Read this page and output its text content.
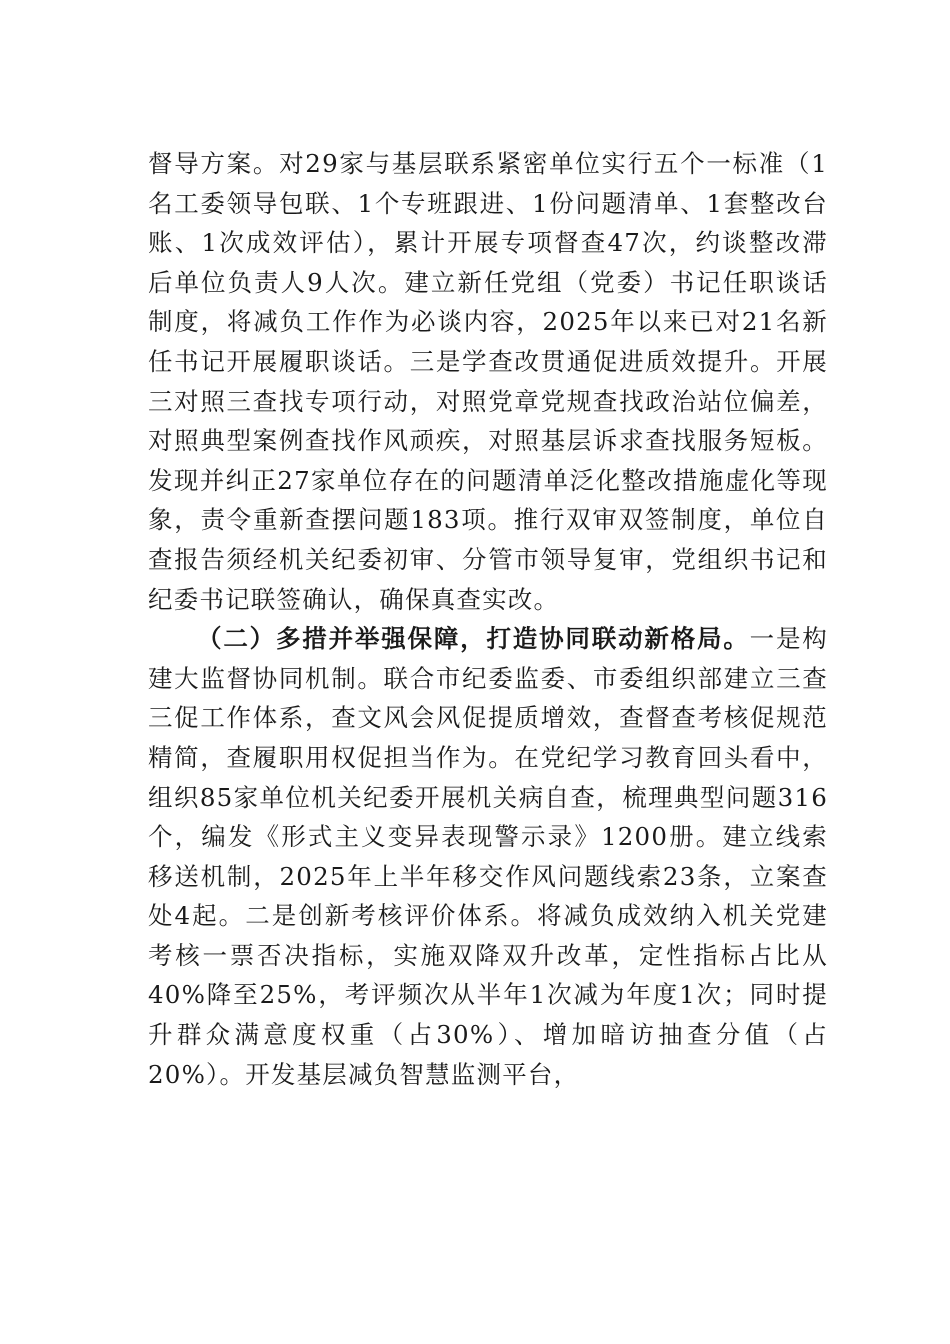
督导方案。对29家与基层联系紧密单位实行五个一标准（1名工委领导包联、1个专班跟进、1份问题清单、1套整改台账、1次成效评估），累计开展专项督查47次，约谈整改滞后单位负责人9人次。建立新任党组（党委）书记任职谈话制度，将减负工作作为必谈内容，2025年以来已对21名新任书记开展履职谈话。三是学查改贯通促进质效提升。开展三对照三查找专项行动，对照党章党规查找政治站位偏差，对照典型案例查找作风顽疾，对照基层诉求查找服务短板。发现并纠正27家单位存在的问题清单泛化整改措施虚化等现象，责令重新查摆问题183项。推行双审双签制度，单位自查报告须经机关纪委初审、分管市领导复审，党组织书记和纪委书记联签确认，确保真查实改。

（二）多措并举强保障，打造协同联动新格局。一是构建大监督协同机制。联合市纪委监委、市委组织部建立三查三促工作体系，查文风会风促提质增效，查督查考核促规范精简，查履职用权促担当作为。在党纪学习教育回头看中，组织85家单位机关纪委开展机关病自查，梳理典型问题316个，编发《形式主义变异表现警示录》1200册。建立线索移送机制，2025年上半年移交作风问题线索23条，立案查处4起。二是创新考核评价体系。将减负成效纳入机关党建考核一票否决指标，实施双降双升改革，定性指标占比从40%降至25%，考评频次从半年1次减为年度1次；同时提升群众满意度权重（占30%）、增加暗访抽查分值（占20%）。开发基层减负智慧监测平台，
